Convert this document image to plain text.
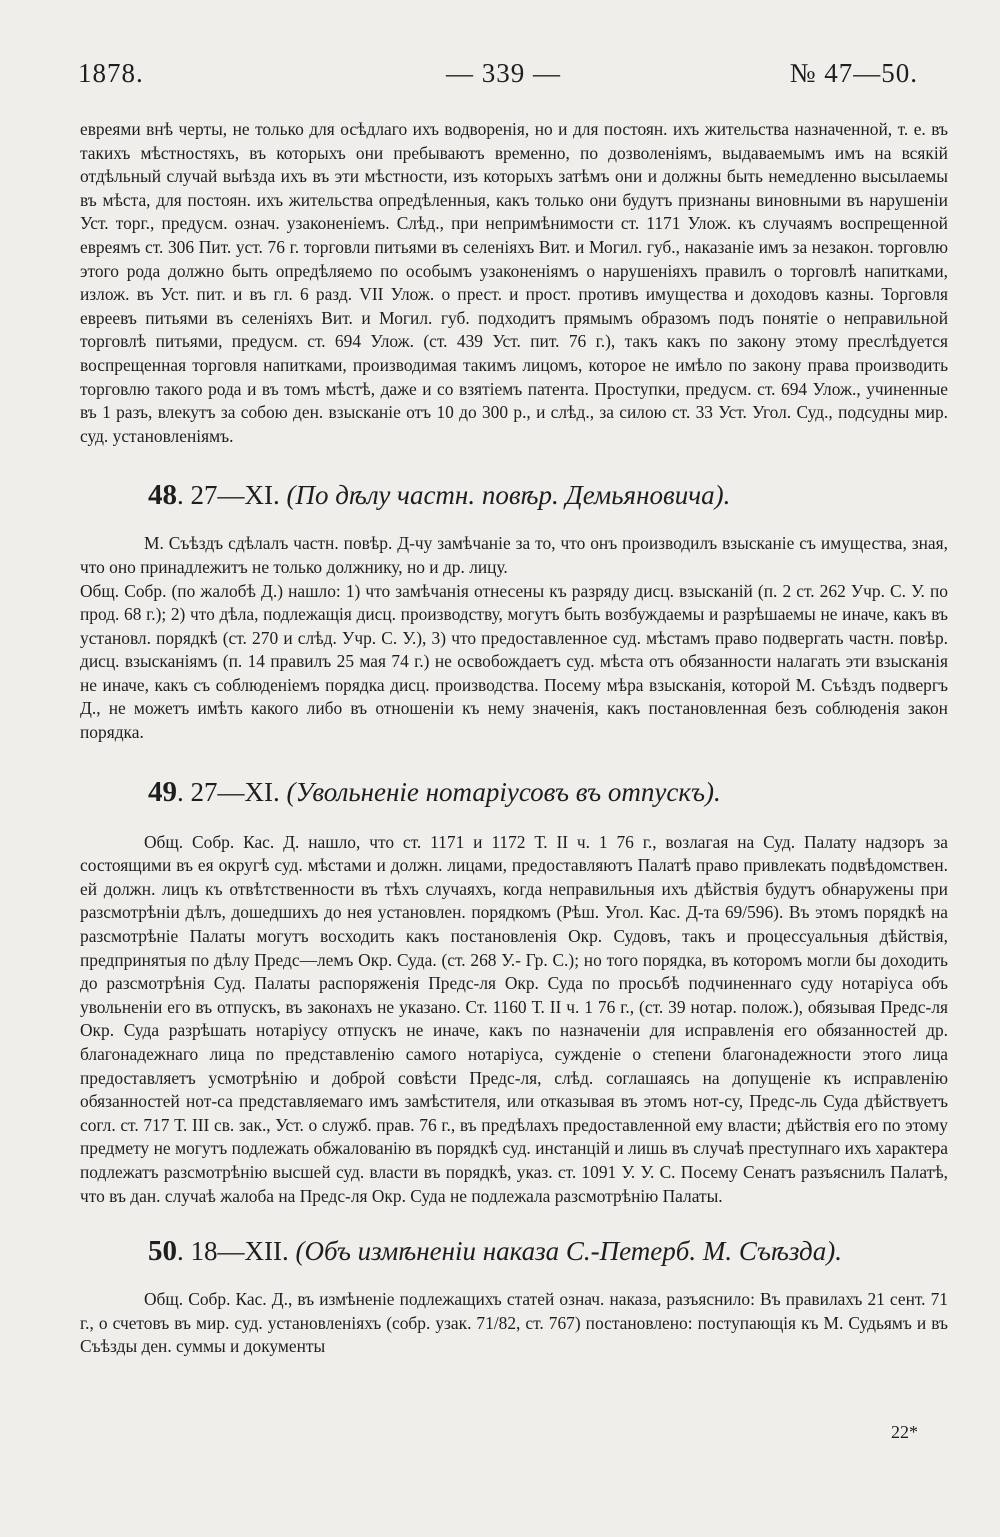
1878.	— 339 —	№ 47—50.

евреями внѣ черты, не только для осѣдлаго ихъ водворенія, но и для постоян. ихъ жительства назначенной, т. е. въ такихъ мѣстностяхъ, въ которыхъ они пребываютъ временно, по дозволеніямъ, выдаваемымъ имъ на всякій отдѣльный случай выѣзда ихъ въ эти мѣстности, изъ которыхъ затѣмъ они и должны быть немедленно высылаемы въ мѣста, для постоян. ихъ жительства опредѣленныя, какъ только они будутъ признаны виновными въ нарушеніи Уст. торг., предусм. означ. узаконеніемъ. Слѣд., при непримѣнимости ст. 1171 Улож. къ случаямъ воспрещенной евреямъ ст. 306 Пит. уст. 76 г. торговли питьями въ селеніяхъ Вит. и Могил. губ., наказаніе имъ за незакон. торговлю этого рода должно быть опредѣляемо по особымъ узаконеніямъ о нарушеніяхъ правилъ о торговлѣ напитками, излож. въ Уст. пит. и въ гл. 6 разд. VII Улож. о прест. и прост. противъ имущества и доходовъ казны. Торговля евреевъ питьями въ селеніяхъ Вит. и Могил. губ. подходитъ прямымъ образомъ подъ понятіе о неправильной торговлѣ питьями, предусм. ст. 694 Улож. (ст. 439 Уст. пит. 76 г.), такъ какъ по закону этому преслѣдуется воспрещенная торговля напитками, производимая такимъ лицомъ, которое не имѣло по закону права производить торговлю такого рода и въ томъ мѣстѣ, даже и со взятіемъ патента. Проступки, предусм. ст. 694 Улож., учиненные въ 1 разъ, влекутъ за собою ден. взысканіе отъ 10 до 300 р., и слѣд., за силою ст. 33 Уст. Угол. Суд., подсудны мир. суд. установленіямъ.

48. 27—XI. (По дѣлу частн. повѣр. Демьяновича).

М. Съѣздъ сдѣлалъ частн. повѣр. Д-чу замѣчаніе за то, что онъ производилъ взысканіе съ имущества, зная, что оно принадлежитъ не только должнику, но и др. лицу.

Общ. Собр. (по жалобѣ Д.) нашло: 1) что замѣчанія отнесены къ разряду дисц. взысканій (п. 2 ст. 262 Учр. С. У. по прод. 68 г.); 2) что дѣла, подлежащія дисц. производству, могутъ быть возбуждаемы и разрѣшаемы не иначе, какъ въ установл. порядкѣ (ст. 270 и слѣд. Учр. С. У.), 3) что предоставленное суд. мѣстамъ право подвергать частн. повѣр. дисц. взысканіямъ (п. 14 правилъ 25 мая 74 г.) не освобождаетъ суд. мѣста отъ обязанности налагать эти взысканія не иначе, какъ съ соблюденіемъ порядка дисц. производства. Посему мѣра взысканія, которой М. Съѣздъ подвергъ Д., не можетъ имѣть какого либо въ отношеніи къ нему значенія, какъ постановленная безъ соблюденія закон порядка.

49. 27—XI. (Увольненіе нотаріусовъ въ отпускъ).

Общ. Собр. Кас. Д. нашло, что ст. 1171 и 1172 Т. II ч. 1 76 г., возлагая на Суд. Палату надзоръ за состоящими въ ея округѣ суд. мѣстами и должн. лицами, предоставляютъ Палатѣ право привлекать подвѣдомствен. ей должн. лицъ къ отвѣтственности въ тѣхъ случаяхъ, когда неправильныя ихъ дѣйствія будутъ обнаружены при разсмотрѣніи дѣлъ, дошедшихъ до нея установлен. порядкомъ (Рѣш. Угол. Кас. Д-та 69/596). Въ этомъ порядкѣ на разсмотрѣніе Палаты могутъ восходить какъ постановленія Окр. Судовъ, такъ и процессуальныя дѣйствія, предпринятыя по дѣлу Предс—лемъ Окр. Суда. (ст. 268 У.- Гр. С.); но того порядка, въ которомъ могли бы доходить до разсмотрѣнія Суд. Палаты распоряженія Предс-ля Окр. Суда по просьбѣ подчиненнаго суду нотаріуса объ увольненіи его въ отпускъ, въ законахъ не указано. Ст. 1160 Т. II ч. 1 76 г., (ст. 39 нотар. полож.), обязывая Предс-ля Окр. Суда разрѣшать нотаріусу отпускъ не иначе, какъ по назначеніи для исправленія его обязанностей др. благонадежнаго лица по представленію самого нотаріуса, сужденіе о степени благонадежности этого лица предоставляетъ усмотрѣнію и доброй совѣсти Предс-ля, слѣд. соглашаясь на допущеніе къ исправленію обязанностей нот-са представляемаго имъ замѣстителя, или отказывая въ этомъ нот-су, Предс-ль Суда дѣйствуетъ согл. ст. 717 Т. III св. зак., Уст. о служб. прав. 76 г., въ предѣлахъ предоставленной ему власти; дѣйствія его по этому предмету не могутъ подлежать обжалованію въ порядкѣ суд. инстанцій и лишь въ случаѣ преступнаго ихъ характера подлежатъ разсмотрѣнію высшей суд. власти въ порядкѣ, указ. ст. 1091 У. У. С. Посему Сенатъ разъяснилъ Палатѣ, что въ дан. случаѣ жалоба на Предс-ля Окр. Суда не подлежала разсмотрѣнію Палаты.

50. 18—XII. (Объ измѣненіи наказа С.-Петерб. М. Съѣзда).

Общ. Собр. Кас. Д., въ измѣненіе подлежащихъ статей означ. наказа, разъяснило: Въ правилахъ 21 сент. 71 г., о счетовъ въ мир. суд. установленіяхъ (собр. узак. 71/82, ст. 767) постановлено: поступающія къ М. Судьямъ и въ Съѣзды ден. суммы и документы

22*
